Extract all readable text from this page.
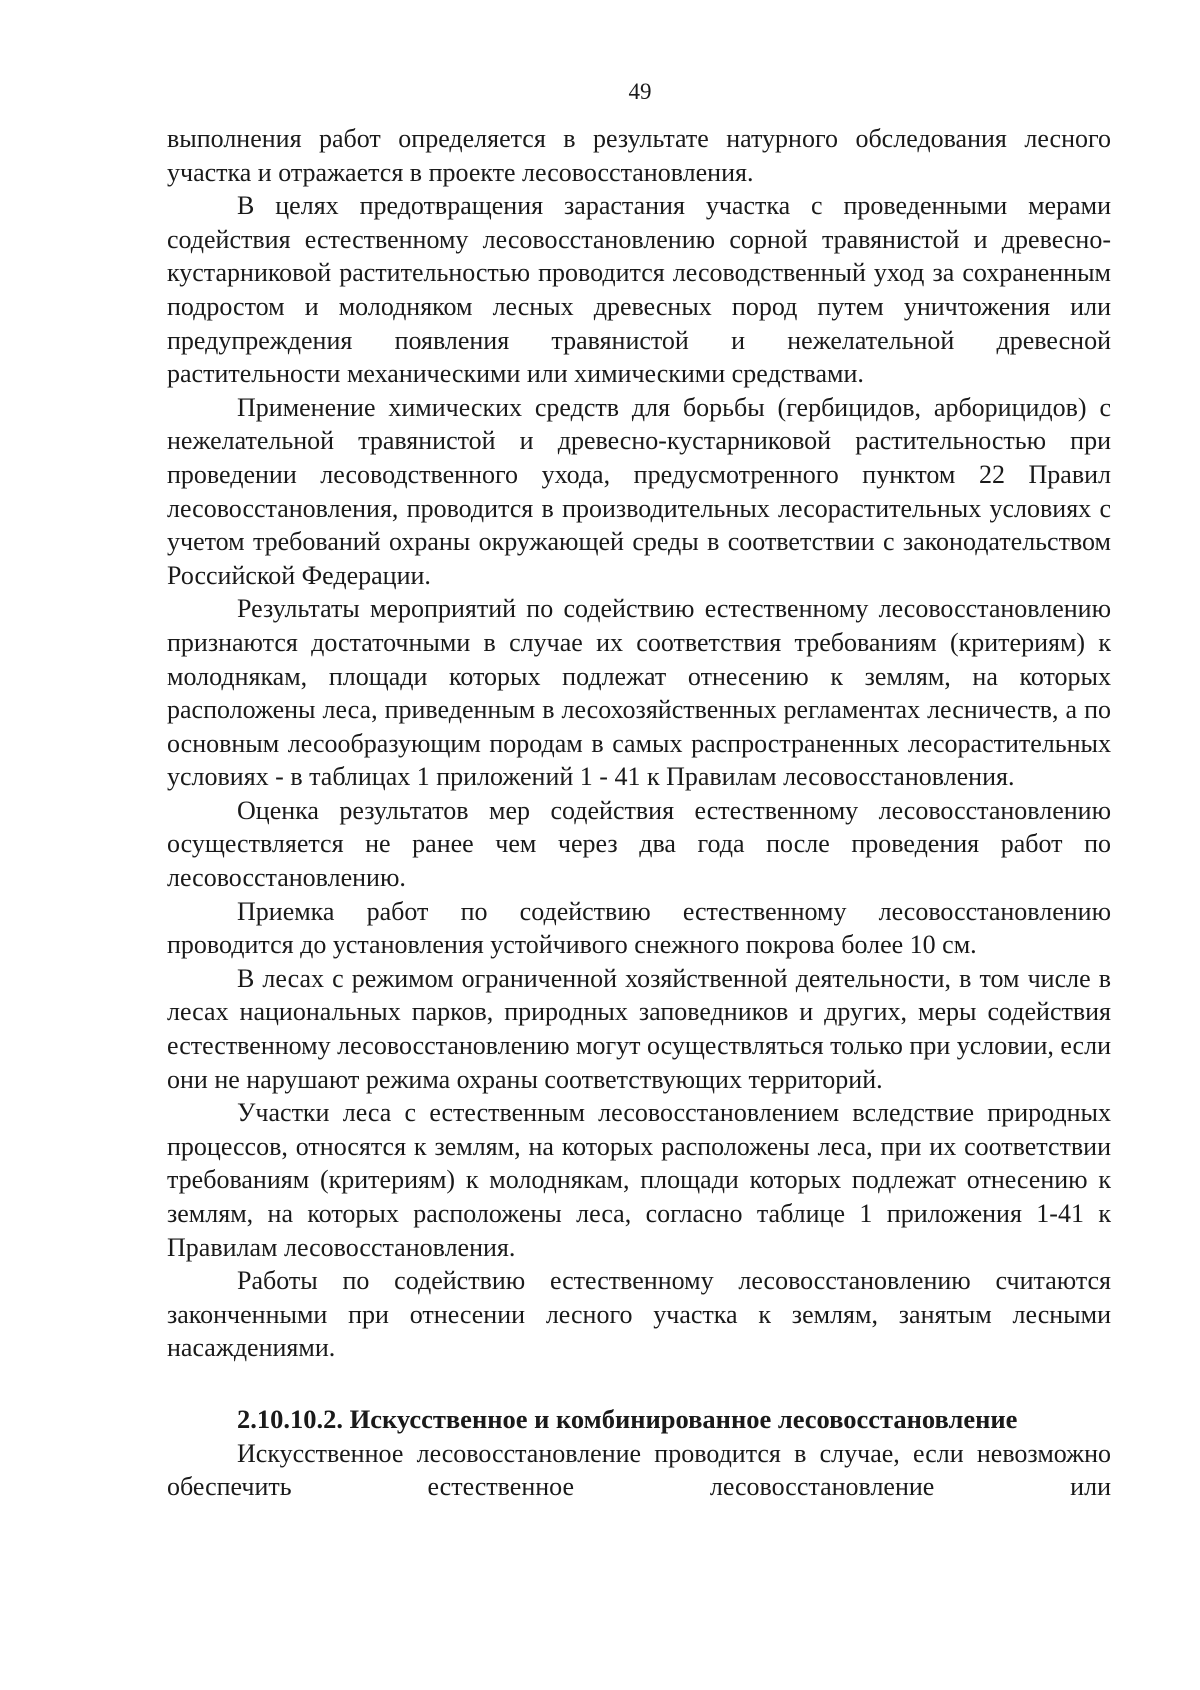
49

выполнения работ определяется в результате натурного обследования лесного участка и отражается в проекте лесовосстановления.

В целях предотвращения зарастания участка с проведенными мерами содействия естественному лесовосстановлению сорной травянистой и древесно-кустарниковой растительностью проводится лесоводственный уход за сохраненным подростом и молодняком лесных древесных пород путем уничтожения или предупреждения появления травянистой и нежелательной древесной растительности механическими или химическими средствами.

Применение химических средств для борьбы (гербицидов, арборицидов) с нежелательной травянистой и древесно-кустарниковой растительностью при проведении лесоводственного ухода, предусмотренного пунктом 22 Правил лесовосстановления, проводится в производительных лесорастительных условиях с учетом требований охраны окружающей среды в соответствии с законодательством Российской Федерации.

Результаты мероприятий по содействию естественному лесовосстановлению признаются достаточными в случае их соответствия требованиям (критериям) к молоднякам, площади которых подлежат отнесению к землям, на которых расположены леса, приведенным в лесохозяйственных регламентах лесничеств, а по основным лесообразующим породам в самых распространенных лесорастительных условиях - в таблицах 1 приложений 1 - 41 к Правилам лесовосстановления.

Оценка результатов мер содействия естественному лесовосстановлению осуществляется не ранее чем через два года после проведения работ по лесовосстановлению.

Приемка работ по содействию естественному лесовосстановлению проводится до установления устойчивого снежного покрова более 10 см.

В лесах с режимом ограниченной хозяйственной деятельности, в том числе в лесах национальных парков, природных заповедников и других, меры содействия естественному лесовосстановлению могут осуществляться только при условии, если они не нарушают режима охраны соответствующих территорий.

Участки леса с естественным лесовосстановлением вследствие природных процессов, относятся к землям, на которых расположены леса, при их соответствии требованиям (критериям) к молоднякам, площади которых подлежат отнесению к землям, на которых расположены леса, согласно таблице 1 приложения 1-41 к Правилам лесовосстановления.

Работы по содействию естественному лесовосстановлению считаются законченными при отнесении лесного участка к землям, занятым лесными насаждениями.

2.10.10.2. Искусственное и комбинированное лесовосстановление

Искусственное лесовосстановление проводится в случае, если невозможно обеспечить естественное лесовосстановление или
